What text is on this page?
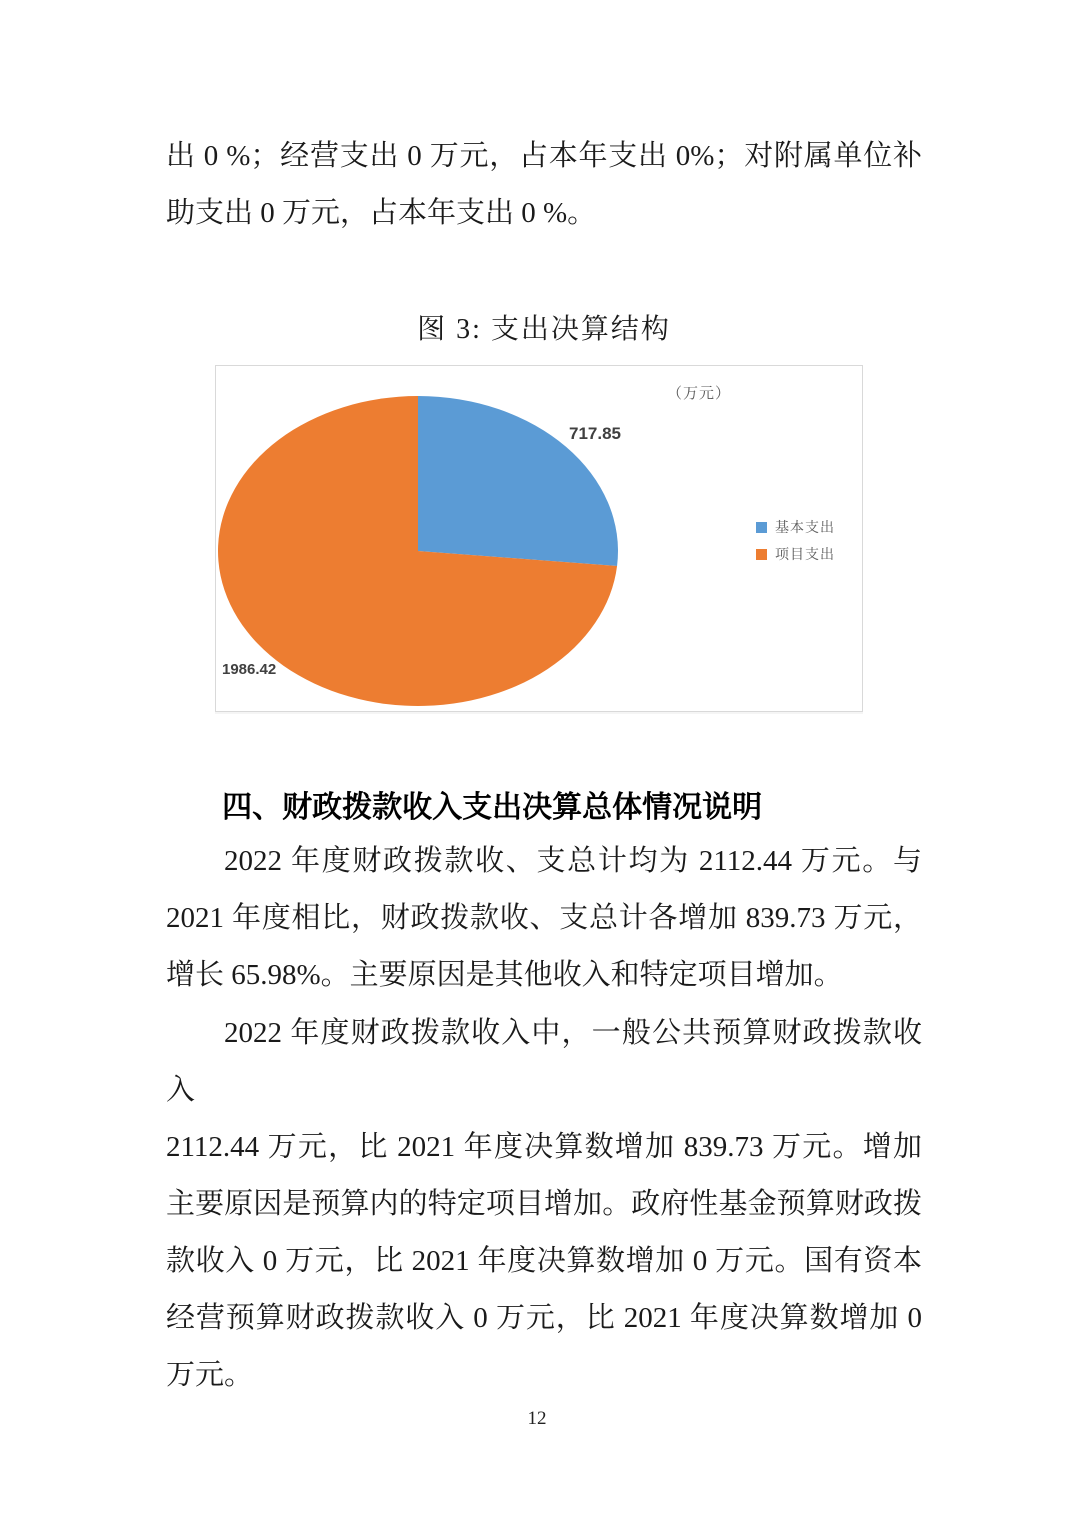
出 0 %；经营支出 0 万元，占本年支出 0%；对附属单位补
助支出 0 万元，占本年支出 0 %。
图 3: 支出决算结构
（万元）
717.85
1986.42
基本支出
项目支出
四、财政拨款收入支出决算总体情况说明
2022 年度财政拨款收、支总计均为 2112.44 万元。与
2021 年度相比，财政拨款收、支总计各增加 839.73 万元，
增长 65.98%。主要原因是其他收入和特定项目增加。
2022 年度财政拨款收入中，一般公共预算财政拨款收入
2112.44 万元，比 2021 年度决算数增加 839.73 万元。增加
主要原因是预算内的特定项目增加。政府性基金预算财政拨
款收入 0 万元，比 2021 年度决算数增加 0 万元。国有资本
经营预算财政拨款收入 0 万元，比 2021 年度决算数增加 0
万元。
12
